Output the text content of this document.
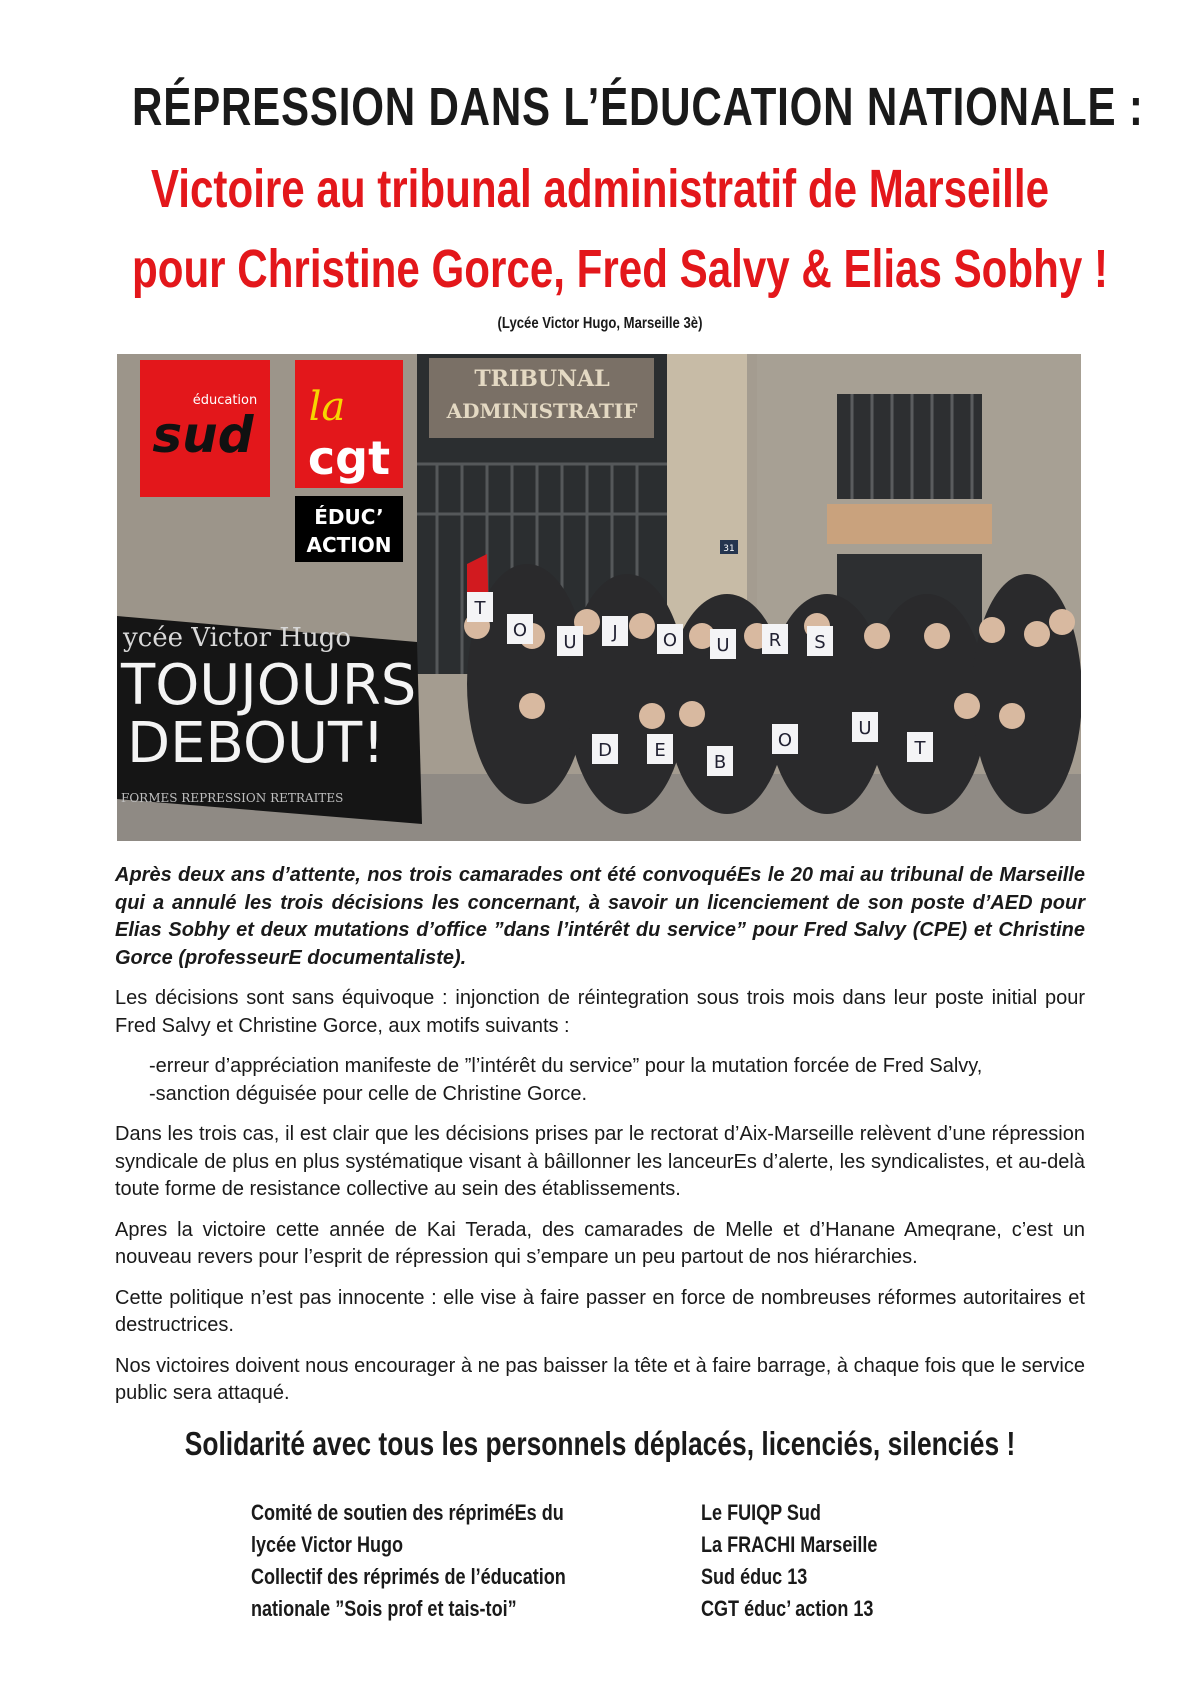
RÉPRESSION DANS L’ÉDUCATION NATIONALE :
Victoire au tribunal administratif de Marseille
pour Christine Gorce, Fred Salvy & Elias Sobhy !
(Lycée Victor Hugo, Marseille 3è)
TRIBUNAL
ADMINISTRATIF
31
T
O
U J	O U R S
D E
B
O
U
T
ycée Victor Hugo
TOUJOURS
DEBOUT!
FORMES REPRESSION RETRAITES
éducation
sud la
cgt
ÉDUC’
ACTION

Après deux ans d’attente, nos trois camarades ont été convoquéEs le 20 mai au tribunal de Marseille qui a annulé les trois décisions les concernant, à savoir un licenciement de son poste d’AED pour Elias Sobhy et deux mutations d’office ”dans l’intérêt du service” pour Fred Salvy (CPE) et Christine Gorce (professeurE documentaliste).

Les décisions sont sans équivoque : injonction de réintegration sous trois mois dans leur poste initial pour Fred Salvy et Christine Gorce, aux motifs suivants :

-erreur d’appréciation manifeste de ”l’intérêt du service” pour la mutation forcée de Fred Salvy,

-sanction déguisée pour celle de Christine Gorce.

Dans les trois cas, il est clair que les décisions prises par le rectorat d’Aix-Marseille relèvent d’une répression syndicale de plus en plus systématique visant à bâillonner les lanceurEs d’alerte, les syndicalistes, et au-delà toute forme de resistance collective au sein des établissements.

Apres la victoire cette année de Kai Terada, des camarades de Melle et d’Hanane Ameqrane, c’est un nouveau revers pour l’esprit de répression qui s’empare un peu partout de nos hiérarchies.

Cette politique n’est pas innocente : elle vise à faire passer en force de nombreuses réformes autoritaires et destructrices.

Nos victoires doivent nous encourager à ne pas baisser la tête et à faire barrage, à chaque fois que le service public sera attaqué.

Solidarité avec tous les personnels déplacés, licenciés, silenciés !
Comité de soutien des répriméEs du
lycée Victor Hugo
Collectif des réprimés de l’éducation
nationale ”Sois prof et tais-toi”
Le FUIQP Sud
La FRACHI Marseille
Sud éduc 13
CGT éduc’ action 13
